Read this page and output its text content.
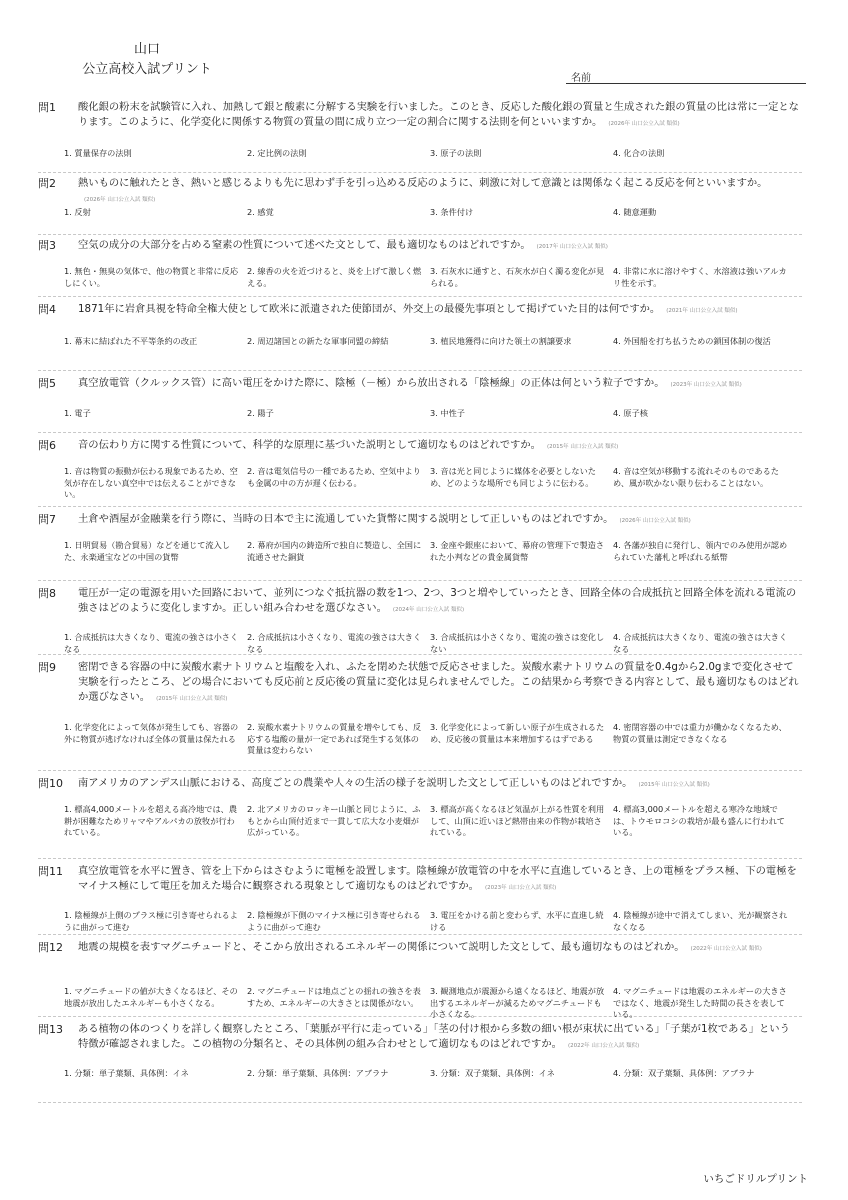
山口
公立高校入試プリント
名前
問1	酸化銀の粉末を試験管に入れ、加熱して銀と酸素に分解する実験を行いました。このとき、反応した酸化銀の質量と生成された銀の質量の比は常に一定となります。このように、化学変化に関係する物質の質量の間に成り立つ一定の割合に関する法則を何といいますか。 (2026年 山口公立入試 類似)
1. 質量保存の法則	2. 定比例の法則	3. 原子の法則	4. 化合の法則
問2	熱いものに触れたとき、熱いと感じるよりも先に思わず手を引っ込める反応のように、刺激に対して意識とは関係なく起こる反応を何といいますか。(2026年 山口公立入試 類似)
1. 反射	2. 感覚	3. 条件付け	4. 随意運動
問3	空気の成分の大部分を占める窒素の性質について述べた文として、最も適切なものはどれですか。 (2017年 山口公立入試 類似)
1. 無色・無臭の気体で、他の物質と非常に反応しにくい。
2. 線香の火を近づけると、炎を上げて激しく燃える。
3. 石灰水に通すと、石灰水が白く濁る変化が見られる。
4. 非常に水に溶けやすく、水溶液は強いアルカリ性を示す。
問4	1871年に岩倉具視を特命全権大使として欧米に派遣された使節団が、外交上の最優先事項として掲げていた目的は何ですか。 (2021年 山口公立入試 類似)
1. 幕末に結ばれた不平等条約の改正	2. 周辺諸国との新たな軍事同盟の締結	3. 植民地獲得に向けた領土の割譲要求	4. 外国船を打ち払うための鎖国体制の復活
問5	真空放電管（クルックス管）に高い電圧をかけた際に、陰極（－極）から放出される「陰極線」の正体は何という粒子ですか。 (2023年 山口公立入試 類似)
1. 電子	2. 陽子	3. 中性子	4. 原子核
問6	音の伝わり方に関する性質について、科学的な原理に基づいた説明として適切なものはどれですか。 (2015年 山口公立入試 類似)
1. 音は物質の振動が伝わる現象であるため、空気が存在しない真空中では伝えることができない。
2. 音は電気信号の一種であるため、空気中よりも金属の中の方が遅く伝わる。
3. 音は光と同じように媒体を必要としないため、どのような場所でも同じように伝わる。
4. 音は空気が移動する流れそのものであるため、風が吹かない限り伝わることはない。
問7	土倉や酒屋が金融業を行う際に、当時の日本で主に流通していた貨幣に関する説明として正しいものはどれですか。 (2026年 山口公立入試 類似)
1. 日明貿易（勘合貿易）などを通じて流入した、永楽通宝などの中国の貨幣
2. 幕府が国内の鋳造所で独自に製造し、全国に流通させた銅貨
3. 金座や銀座において、幕府の管理下で製造された小判などの貴金属貨幣
4. 各藩が独自に発行し、領内でのみ使用が認められていた藩札と呼ばれる紙幣
問8	電圧が一定の電源を用いた回路において、並列につなぐ抵抗器の数を1つ、2つ、3つと増やしていったとき、回路全体の合成抵抗と回路全体を流れる電流の強さはどのように変化しますか。正しい組み合わせを選びなさい。 (2024年 山口公立入試 類似)
1. 合成抵抗は大きくなり、電流の強さは小さくなる
2. 合成抵抗は小さくなり、電流の強さは大きくなる
3. 合成抵抗は小さくなり、電流の強さは変化しない
4. 合成抵抗は大きくなり、電流の強さは大きくなる
問9	密閉できる容器の中に炭酸水素ナトリウムと塩酸を入れ、ふたを閉めた状態で反応させました。炭酸水素ナトリウムの質量を0.4gから2.0gまで変化させて実験を行ったところ、どの場合においても反応前と反応後の質量に変化は見られませんでした。この結果から考察できる内容として、最も適切なものはどれか選びなさい。 (2015年 山口公立入試 類似)
1. 化学変化によって気体が発生しても、容器の外に物質が逃げなければ全体の質量は保たれる
2. 炭酸水素ナトリウムの質量を増やしても、反応する塩酸の量が一定であれば発生する気体の質量は変わらない
3. 化学変化によって新しい原子が生成されるため、反応後の質量は本来増加するはずである
4. 密閉容器の中では重力が働かなくなるため、物質の質量は測定できなくなる
問10	南アメリカのアンデス山脈における、高度ごとの農業や人々の生活の様子を説明した文として正しいものはどれですか。 (2015年 山口公立入試 類似)
1. 標高4,000メートルを超える高冷地では、農耕が困難なためリャマやアルパカの放牧が行われている。
2. 北アメリカのロッキー山脈と同じように、ふもとから山頂付近まで一貫して広大な小麦畑が広がっている。
3. 標高が高くなるほど気温が上がる性質を利用して、山頂に近いほど熱帯由来の作物が栽培されている。
4. 標高3,000メートルを超える寒冷な地域では、トウモロコシの栽培が最も盛んに行われている。
問11	真空放電管を水平に置き、管を上下からはさむように電極を設置します。陰極線が放電管の中を水平に直進しているとき、上の電極をプラス極、下の電極をマイナス極にして電圧を加えた場合に観察される現象として適切なものはどれですか。 (2023年 山口公立入試 類似)
1. 陰極線が上側のプラス極に引き寄せられるように曲がって進む
2. 陰極線が下側のマイナス極に引き寄せられるように曲がって進む
3. 電圧をかける前と変わらず、水平に直進し続ける
4. 陰極線が途中で消えてしまい、光が観察されなくなる
問12	地震の規模を表すマグニチュードと、そこから放出されるエネルギーの関係について説明した文として、最も適切なものはどれか。 (2022年 山口公立入試 類似)
1. マグニチュードの値が大きくなるほど、その地震が放出したエネルギーも小さくなる。
2. マグニチュードは地点ごとの揺れの強さを表すため、エネルギーの大きさとは関係がない。
3. 観測地点が震源から遠くなるほど、地震が放出するエネルギーが減るためマグニチュードも小さくなる。
4. マグニチュードは地震のエネルギーの大きさではなく、地震が発生した時間の長さを表している。
問13	ある植物の体のつくりを詳しく観察したところ、「葉脈が平行に走っている」「茎の付け根から多数の細い根が束状に出ている」「子葉が1枚である」という特徴が確認されました。この植物の分類名と、その具体例の組み合わせとして適切なものはどれですか。 (2022年 山口公立入試 類似)
1. 分類：単子葉類、具体例：イネ	2. 分類：単子葉類、具体例：アブラナ	3. 分類：双子葉類、具体例：イネ	4. 分類：双子葉類、具体例：アブラナ
いちごドリルプリント
